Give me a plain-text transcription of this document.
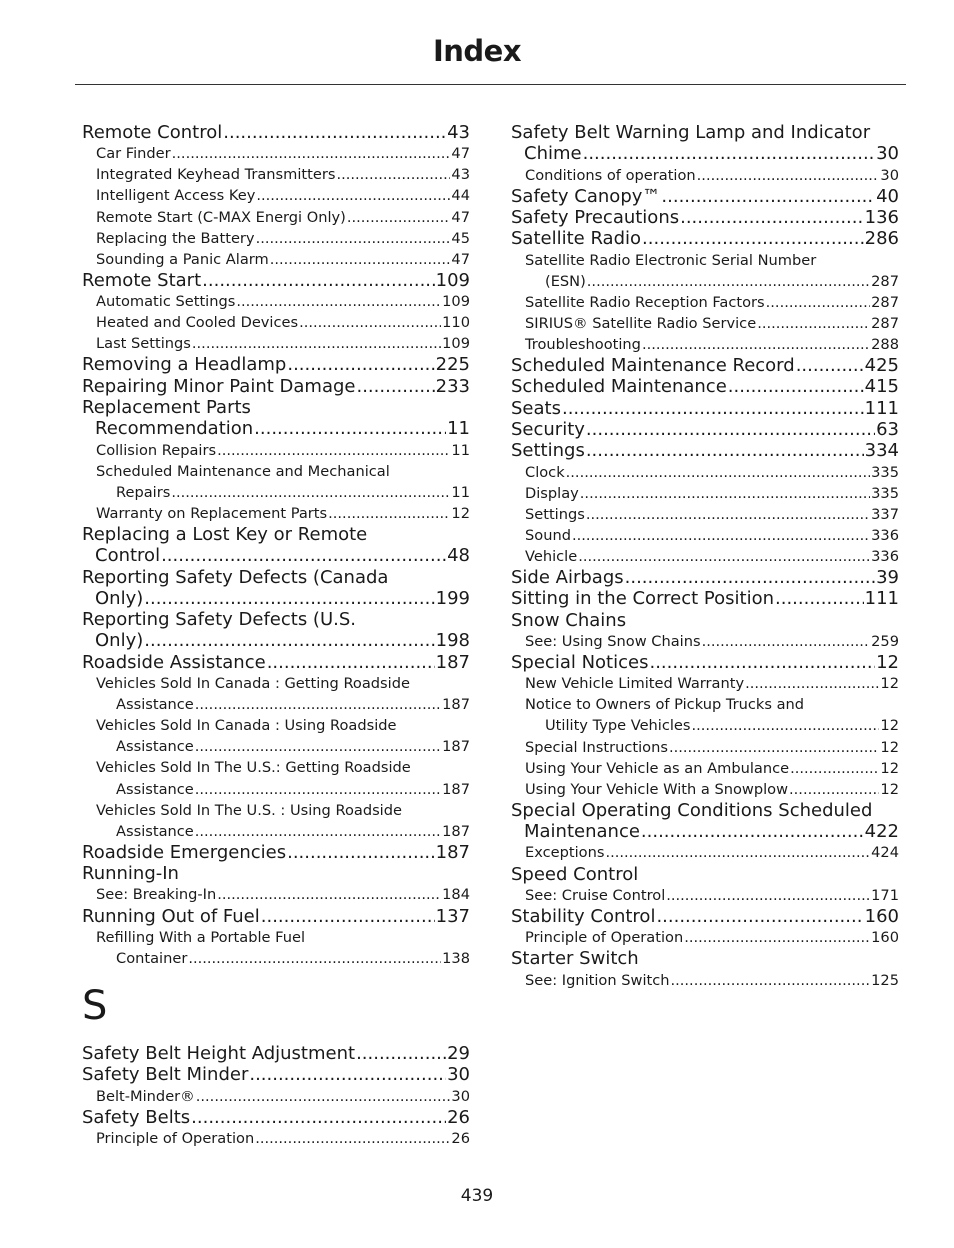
Index
Remote Control .....	43
Car Finder .....	47
Integrated Keyhead Transmitters .....	43
Intelligent Access Key .....	44
Remote Start (C-MAX Energi Only) .....	47
Replacing the Battery .....	45
Sounding a Panic Alarm .....	47
Remote Start .....	109
Automatic Settings .....	109
Heated and Cooled Devices .....	110
Last Settings .....	109
Removing a Headlamp .....	225
Repairing Minor Paint Damage .....	233
Replacement Parts
Recommendation .....	11
Collision Repairs .....	11
Scheduled Maintenance and Mechanical
Repairs .....	11
Warranty on Replacement Parts .....	12
Replacing a Lost Key or Remote
Control .....	48
Reporting Safety Defects (Canada
Only) .....	199
Reporting Safety Defects (U.S.
Only) .....	198
Roadside Assistance .....	187
Vehicles Sold In Canada : Getting Roadside
Assistance .....	187
Vehicles Sold In Canada : Using Roadside
Assistance .....	187
Vehicles Sold In The U.S.: Getting Roadside
Assistance .....	187
Vehicles Sold In The U.S. : Using Roadside
Assistance .....	187
Roadside Emergencies .....	187
Running-In
See: Breaking-In .....	184
Running Out of Fuel .....	137
Refilling With a Portable Fuel
Container .....	138
S
Safety Belt Height Adjustment .....	29
Safety Belt Minder .....	30
Belt-Minder® .....	30
Safety Belts .....	26
Principle of Operation .....	26
Safety Belt Warning Lamp and Indicator
Chime .....	30
Conditions of operation .....	30
Safety Canopy™ .....	40
Safety Precautions .....	136
Satellite Radio .....	286
Satellite Radio Electronic Serial Number
(ESN) .....	287
Satellite Radio Reception Factors .....	287
SIRIUS® Satellite Radio Service .....	287
Troubleshooting .....	288
Scheduled Maintenance Record .....	425
Scheduled Maintenance .....	415
Seats .....	111
Security .....	63
Settings .....	334
Clock .....	335
Display .....	335
Settings .....	337
Sound .....	336
Vehicle .....	336
Side Airbags .....	39
Sitting in the Correct Position .....	111
Snow Chains
See: Using Snow Chains .....	259
Special Notices .....	12
New Vehicle Limited Warranty .....	12
Notice to Owners of Pickup Trucks and
Utility Type Vehicles .....	12
Special Instructions .....	12
Using Your Vehicle as an Ambulance .....	12
Using Your Vehicle With a Snowplow .....	12
Special Operating Conditions Scheduled
Maintenance .....	422
Exceptions .....	424
Speed Control
See: Cruise Control .....	171
Stability Control .....	160
Principle of Operation .....	160
Starter Switch
See: Ignition Switch .....	125
439
